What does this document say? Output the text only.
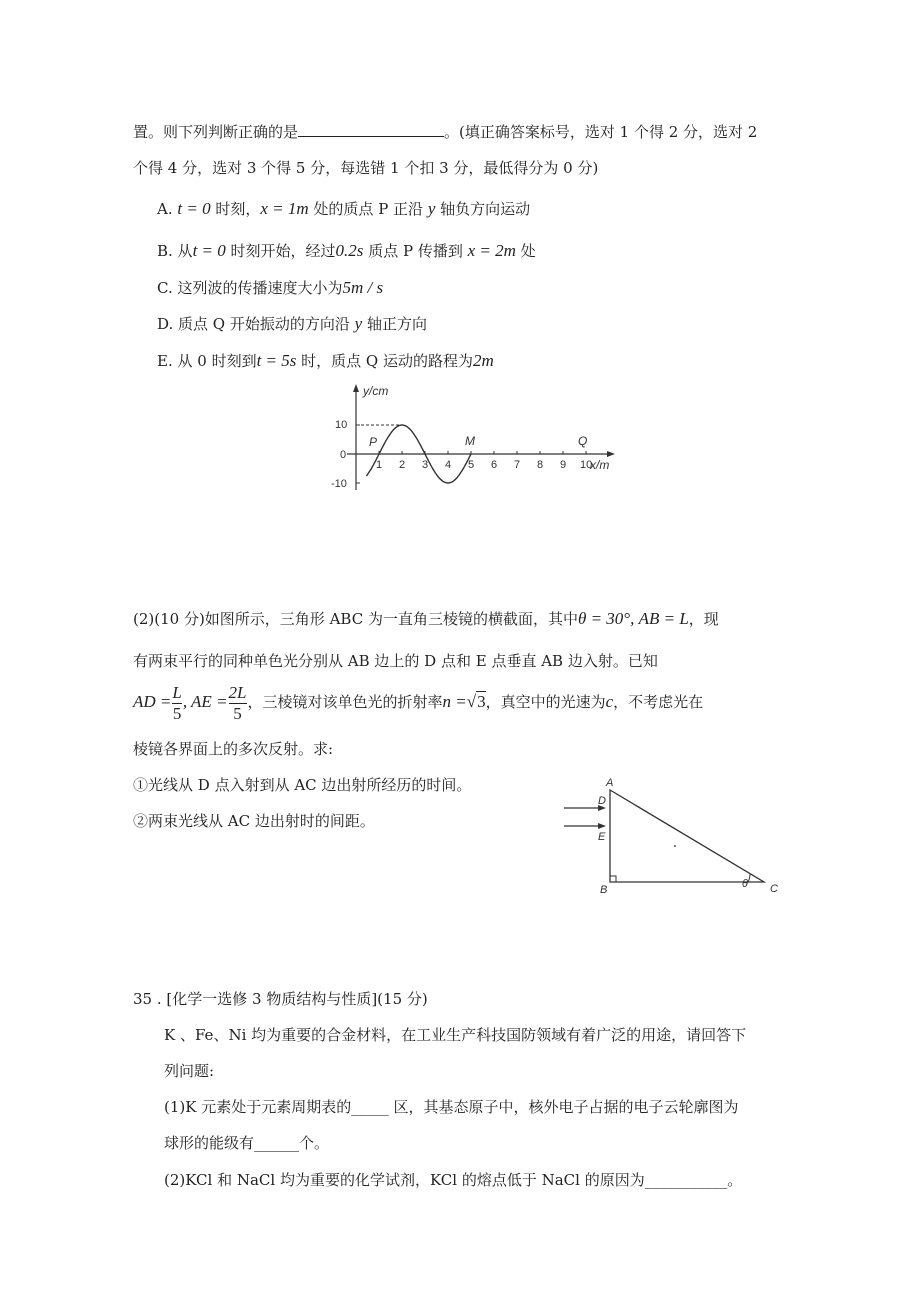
置。则下列判断正确的是	。(填正确答案标号，选对 1 个得 2 分，选对 2
个得 4 分，选对 3 个得 5 分，每选错 1 个扣 3 分，最低得分为 0 分)
A. t = 0 时刻，x = 1m 处的质点 P 正沿 y 轴负方向运动
B. 从t = 0 时刻开始，经过0.2s 质点 P 传播到 x = 2m 处
C. 这列波的传播速度大小为5m / s
D. 质点 Q 开始振动的方向沿 y 轴正方向
E. 从 0 时刻到t = 5s 时，质点 Q 运动的路程为2m
y/cm
x/m
10
0
-10
1 2 3 4 5 6 7 8 9 10
P	M	Q
(2)(10 分)如图所示，三角形 ABC 为一直角三棱镜的横截面，其中θ = 30°, AB = L，现
有两束平行的同种单色光分别从 AB 边上的 D 点和 E 点垂直 AB 边入射。已知
AD = $\frac{L}{5}$ , AE = $\frac{2L}{5}$ ，三棱镜对该单色光的折射率n =√3，真空中的光速为c，不考虑光在
棱镜各界面上的多次反射。求:
①光线从 D 点入射到从 AC 边出射所经历的时间。
②两束光线从 AC 边出射时的间距。
A
D
E
B	C
θ
35 . [化学一选修 3 物质结构与性质](15 分)
K 、Fe、Ni 均为重要的合金材料，在工业生产科技国防领域有着广泛的用途，请回答下
列问题:
(1)K 元素处于元素周期表的_____ 区，其基态原子中，核外电子占据的电子云轮廓图为
球形的能级有______个。
(2)KCl 和 NaCl 均为重要的化学试剂，KCl 的熔点低于 NaCl 的原因为___________。
